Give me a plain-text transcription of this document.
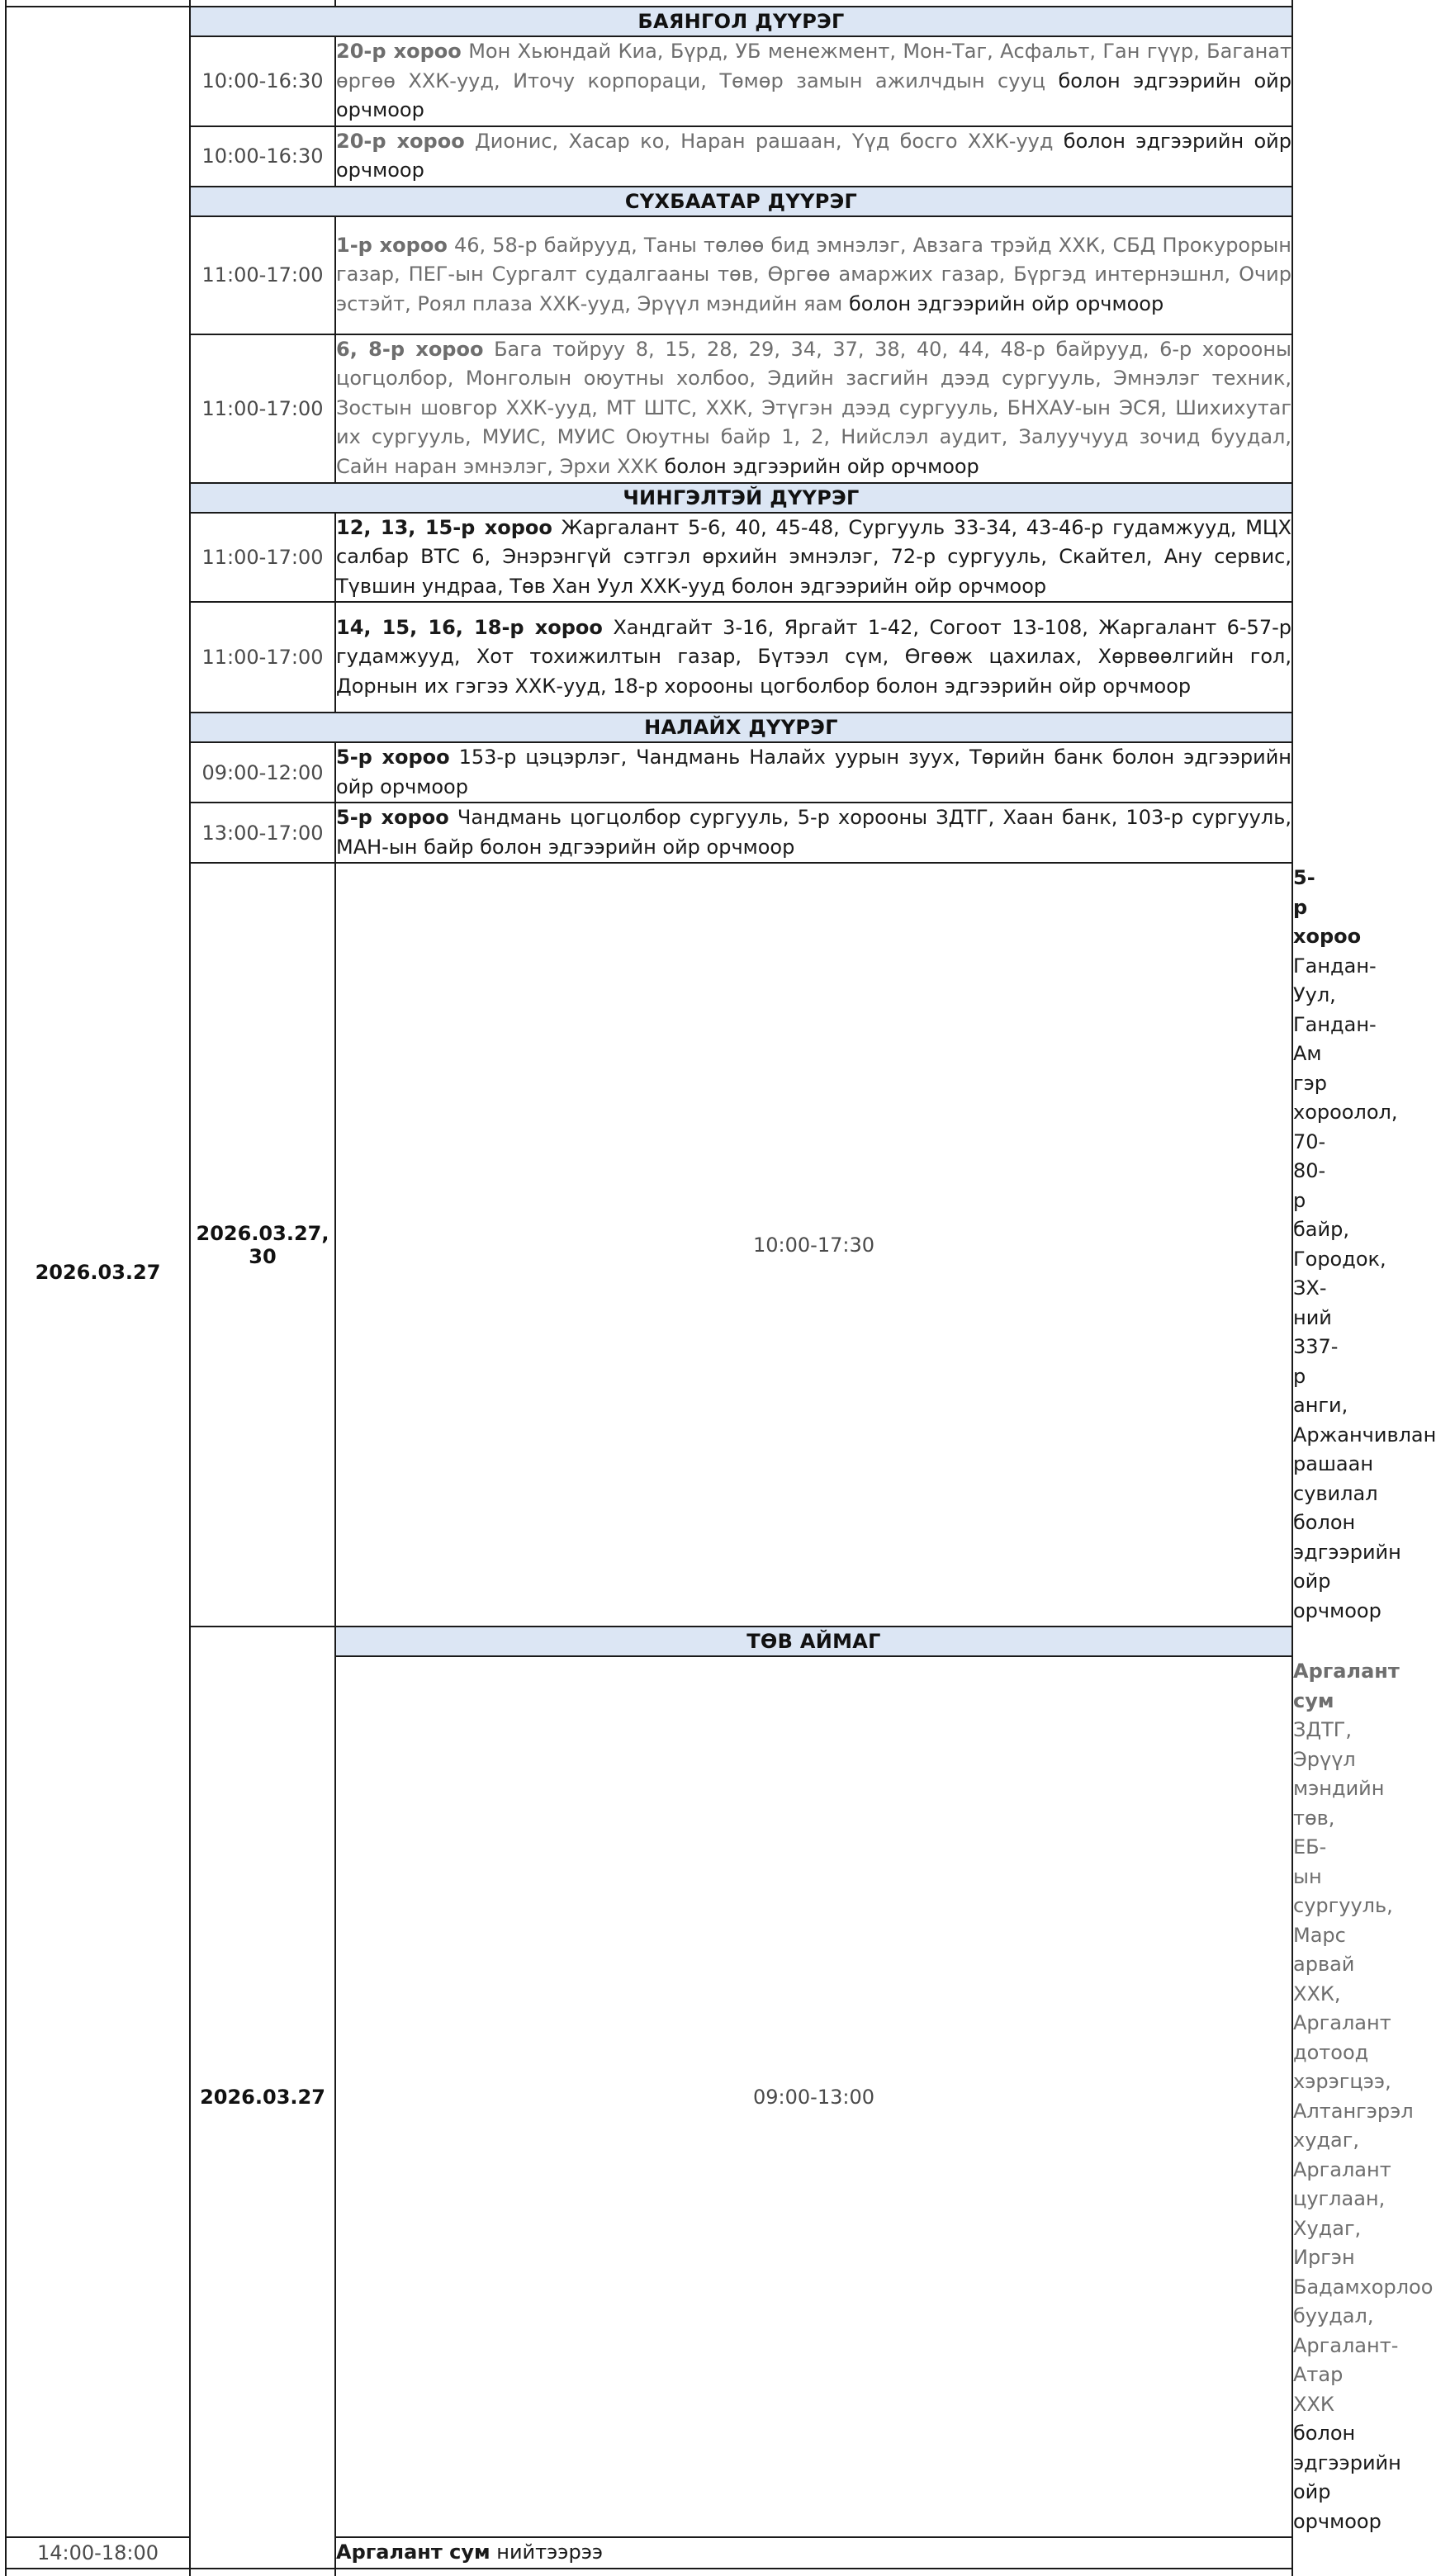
2026.03.27	БАЯНГОЛ ДҮҮРЭГ		
	10:00-16:30	20-р хороо Мон Хьюндай Киа, Бүрд, УБ менежмент, Мон-Таг, Асфальт, Ган гүүр, Баганат өргөө ХХК-ууд, Иточу корпораци, Төмөр замын ажилчдын сууц болон эдгээрийн ойр орчмоор	
	10:00-16:30	20-р хороо Дионис, Хасар ко, Наран рашаан, Үүд босго ХХК-ууд болон эдгээрийн ойр орчмоор	
	СҮХБААТАР ДҮҮРЭГ		
	11:00-17:00	1-р хороо 46, 58-р байрууд, Таны төлөө бид эмнэлэг, Авзага трэйд ХХК, СБД Прокурорын газар, ПЕГ-ын Сургалт судалгааны төв, Өргөө амаржих газар, Бүргэд интернэшнл, Очир эстэйт, Роял плаза ХХК-ууд, Эрүүл мэндийн яам болон эдгээрийн ойр орчмоор	
	11:00-17:00	6, 8-р хороо Бага тойруу 8, 15, 28, 29, 34, 37, 38, 40, 44, 48-р байрууд, 6-р хорооны цогцолбор, Монголын оюутны холбоо, Эдийн засгийн дээд сургууль, Эмнэлэг техник, Зостын шовгор ХХК-ууд, МТ ШТС, ХХК, Этүгэн дээд сургууль, БНХАУ-ын ЭСЯ, Шихихутаг их сургууль, МУИС, МУИС Оюутны байр 1, 2, Нийслэл аудит, Залуучууд зочид буудал, Сайн наран эмнэлэг, Эрхи ХХК болон эдгээрийн ойр орчмоор	
	ЧИНГЭЛТЭЙ ДҮҮРЭГ		
	11:00-17:00	12, 13, 15-р хороо Жаргалант 5-6, 40, 45-48, Сургууль 33-34, 43-46-р гудамжууд, МЦХ салбар ВТС 6, Энэрэнгүй сэтгэл өрхийн эмнэлэг, 72-р сургууль, Скайтел, Ану сервис, Түвшин ундраа, Төв Хан Уул ХХК-ууд болон эдгээрийн ойр орчмоор	
	11:00-17:00	14, 15, 16, 18-р хороо Хандгайт 3-16, Яргайт 1-42, Согоот 13-108, Жаргалант 6-57-р гудамжууд, Хот тохижилтын газар, Бүтээл сүм, Өгөөж цахилах, Хөрвөөлгийн гол, Дорнын их гэгээ ХХК-ууд, 18-р хорооны цогболбор болон эдгээрийн ойр орчмоор	
	НАЛАЙХ ДҮҮРЭГ		
	09:00-12:00	5-р хороо 153-р цэцэрлэг, Чандмань Налайх уурын зуух, Төрийн банк болон эдгээрийн ойр орчмоор	
	13:00-17:00	5-р хороо Чандмань цогцолбор сургууль, 5-р хорооны ЗДТГ, Хаан банк, 103-р сургууль, МАН-ын байр болон эдгээрийн ойр орчмоор	
	2026.03.27, 30	10:00-17:30	5-р хороо Гандан-Уул, Гандан-Ам гэр хороолол, 70-80-р байр, Городок, ЗХ-ний 337-р анги, Аржанчивлан рашаан сувилал болон эдгээрийн ойр орчмоор
	2026.03.27	ТӨВ АЙМАГ	
		09:00-13:00	Аргалант сум ЗДТГ, Эрүүл мэндийн төв, ЕБ-ын сургууль, Марс арвай ХХК, Аргалант дотоод хэрэгцээ, Алтангэрэл худаг, Аргалант цуглаан, Худаг, Иргэн Бадамхорлоо буудал, Аргалант-Атар ХХК болон эдгээрийн ойр орчмоор
14:00-18:00		Аргалант сум нийтээрээ	
